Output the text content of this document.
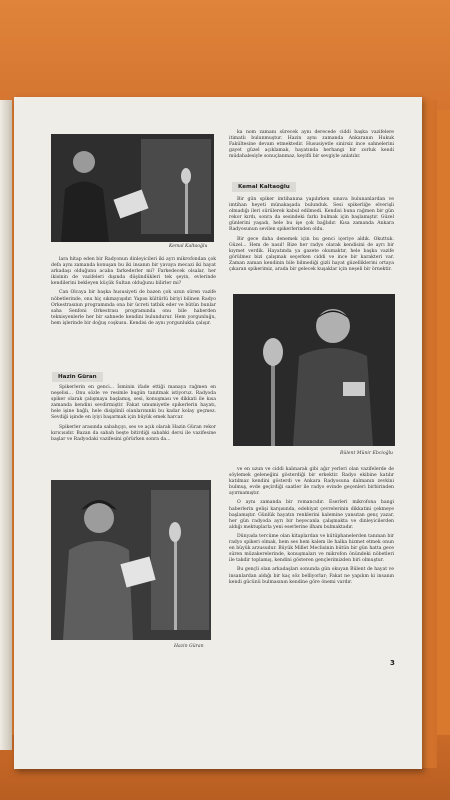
Kemal Kaltaoğlu

lara hitap eden bir Radyonun dinleyicileri iki ayrı mikrofondan çok defa aynı zamanda konuşan bu iki insanın bir yavaya mecazi iki hayat arkadaşı olduğunu acaba farkederler mi? Farkedecek olsalar, her ikisinin de vazifeleri dışında düşündükleri tek şeyin, evlerinde kendilerini bekleyen küçük Sultan olduğunu bilirler mi?

Can Olcaya bir başka hususiyeti de bazen çok uzun süren vazife nöbetlerinde, onu hiç sıkmayışıdır. Yapısı kültürlü biriyi bilinen Radyo Orkestrasının programında ona bir ücreti tatbik eder ve bütün bunlar saha Senfoni Orkestrası programında onu bile haberden teknisyenlerle her bir sahnede kendini bulundurur. Hem yorgunluğu, hem işlerinde bir doğuş coşkusu. Kendisi de aynı yorgunlukla çalışır.

Hazin Güran

Spikerlerin en genci... İsminin ifade ettiği manaya rağmen en neşelisi... Onu sözle ve resimle bugün tanıtmak istiyoruz. Radyoda spiker olarak çalışmaya başlamış, sesi, konuşması ve dikkati ile kısa zamanda kendini sevdirmiştir. Fakat umumiyetle spikerlerin hayatı, hele işine bağlı, hele disiplinli olanlarınınki bu kadar kolay geçmez. Sevdiği işinde en iyiyi başarmak için büyük emek harcar.

Spikerler arasında sabahçıyı, ses ve açık olarak Hazin Güran rekor kırıcısıdır. Bazan da sabah beşte bitirdiği sabahki dersi ile vazifesine başlar ve Radyodaki vazifesini görürken sonra da...

Hazin Güran

ka nom zamanı sürecek aynı derecede ciddi başka vazifelere itimatlı bulunmuştur. Hazin aynı zamanda Ankaranın Hukuk Fakültesine devam etmektedir. Hususiyetle sinirsiz ince sahnelerini gayet güzel açıklamak, hayatında herhangi bir zorluk kendi müdahalesiyle sonuçlanmaz, keyifli bir sevgiyle anlatılır.

Kemal Kaltaoğlu

Bir gün spiker imtihanına yapılırken sınava bulunanlardan ve imtihan heyeti münakaşada bulunduk. Sesi spikerliğe elverişli olmadığı ileri sürülerek kabul edilmedi. Kendisi buna rağmen bir gün rekor kırdı, sonra da sesindeki farkı bulmak için başlamıştır. Güzel günlerini yaşadı, hele bu işe çok bağlıdır. Kısa zamanda Ankara Radyosunun sevilen spikerlerinden oldu.

Bir gece daha denemek için bu genci içeriye aldık. Okuttuk. Güzel... Hem de nasıl! Bize her radyo olarak kendisini de ayrı bir kıymet verdik. Hayatında ya gazete okumaktır, hele başka vazife görülmez bizi çalışmak seçerken ciddi ve ince bir karakteri var. Zaman zaman kendinin bile bilmediği gizli hayat güzelliklerini ortaya çıkaran spikerimiz, arada bir gelecek kuşaklar için neşeli bir örnektir.

Bülent Münir Ebcioğlu

ve en uzun ve ciddi kalınarak gibi ağır yerleri olan vazifelerde de söylemek geleneğini gösterdiği bir erkektir. Radyo ekibine katılır katılmaz kendini gösterdi ve Ankara Radyosuna dalmanın zevkini bulmuş, evde geçirdiği saatler ile radyo evinde geçenleri birbirinden ayırmamıştır.

O aynı zamanda bir romancıdır. Eserleri mikrofona hangi haberlerin gelişi karşısında, edebiyat çevrelerinin dikkatini çekmeye başlamıştır. Günlük hayatın renklerini kalemine yansıtan genç yazar, her gün radyoda ayrı bir heyecanla çalışmakta ve dinleyicilerden aldığı mektuplarla yeni eserlerine ilham bulmaktadır.

Dünyada tercüme olan kitaplardan ve kütüphanelerden tanınan bir radyo spikeri olmak, hem ses hem kalem ile halka hizmet etmek onun en büyük arzusudur. Büyük Millet Meclisinin bütün bir gün hatta gece süren müzakerelerinde, konuşmaları ve mikrofon önündeki nöbetleri ile takdir toplamış, kendini gösteren gençlerimizden biri olmuştur.

Bu gençli olan arkadaşları sonunda gün okuyan Bülent de hayat ve insanlardan aldığı bir kaç söz belliyorlar; Fakat ne yapılım ki insanın kendi gücünü bulmasının kendine göre önemi vardır.

3
